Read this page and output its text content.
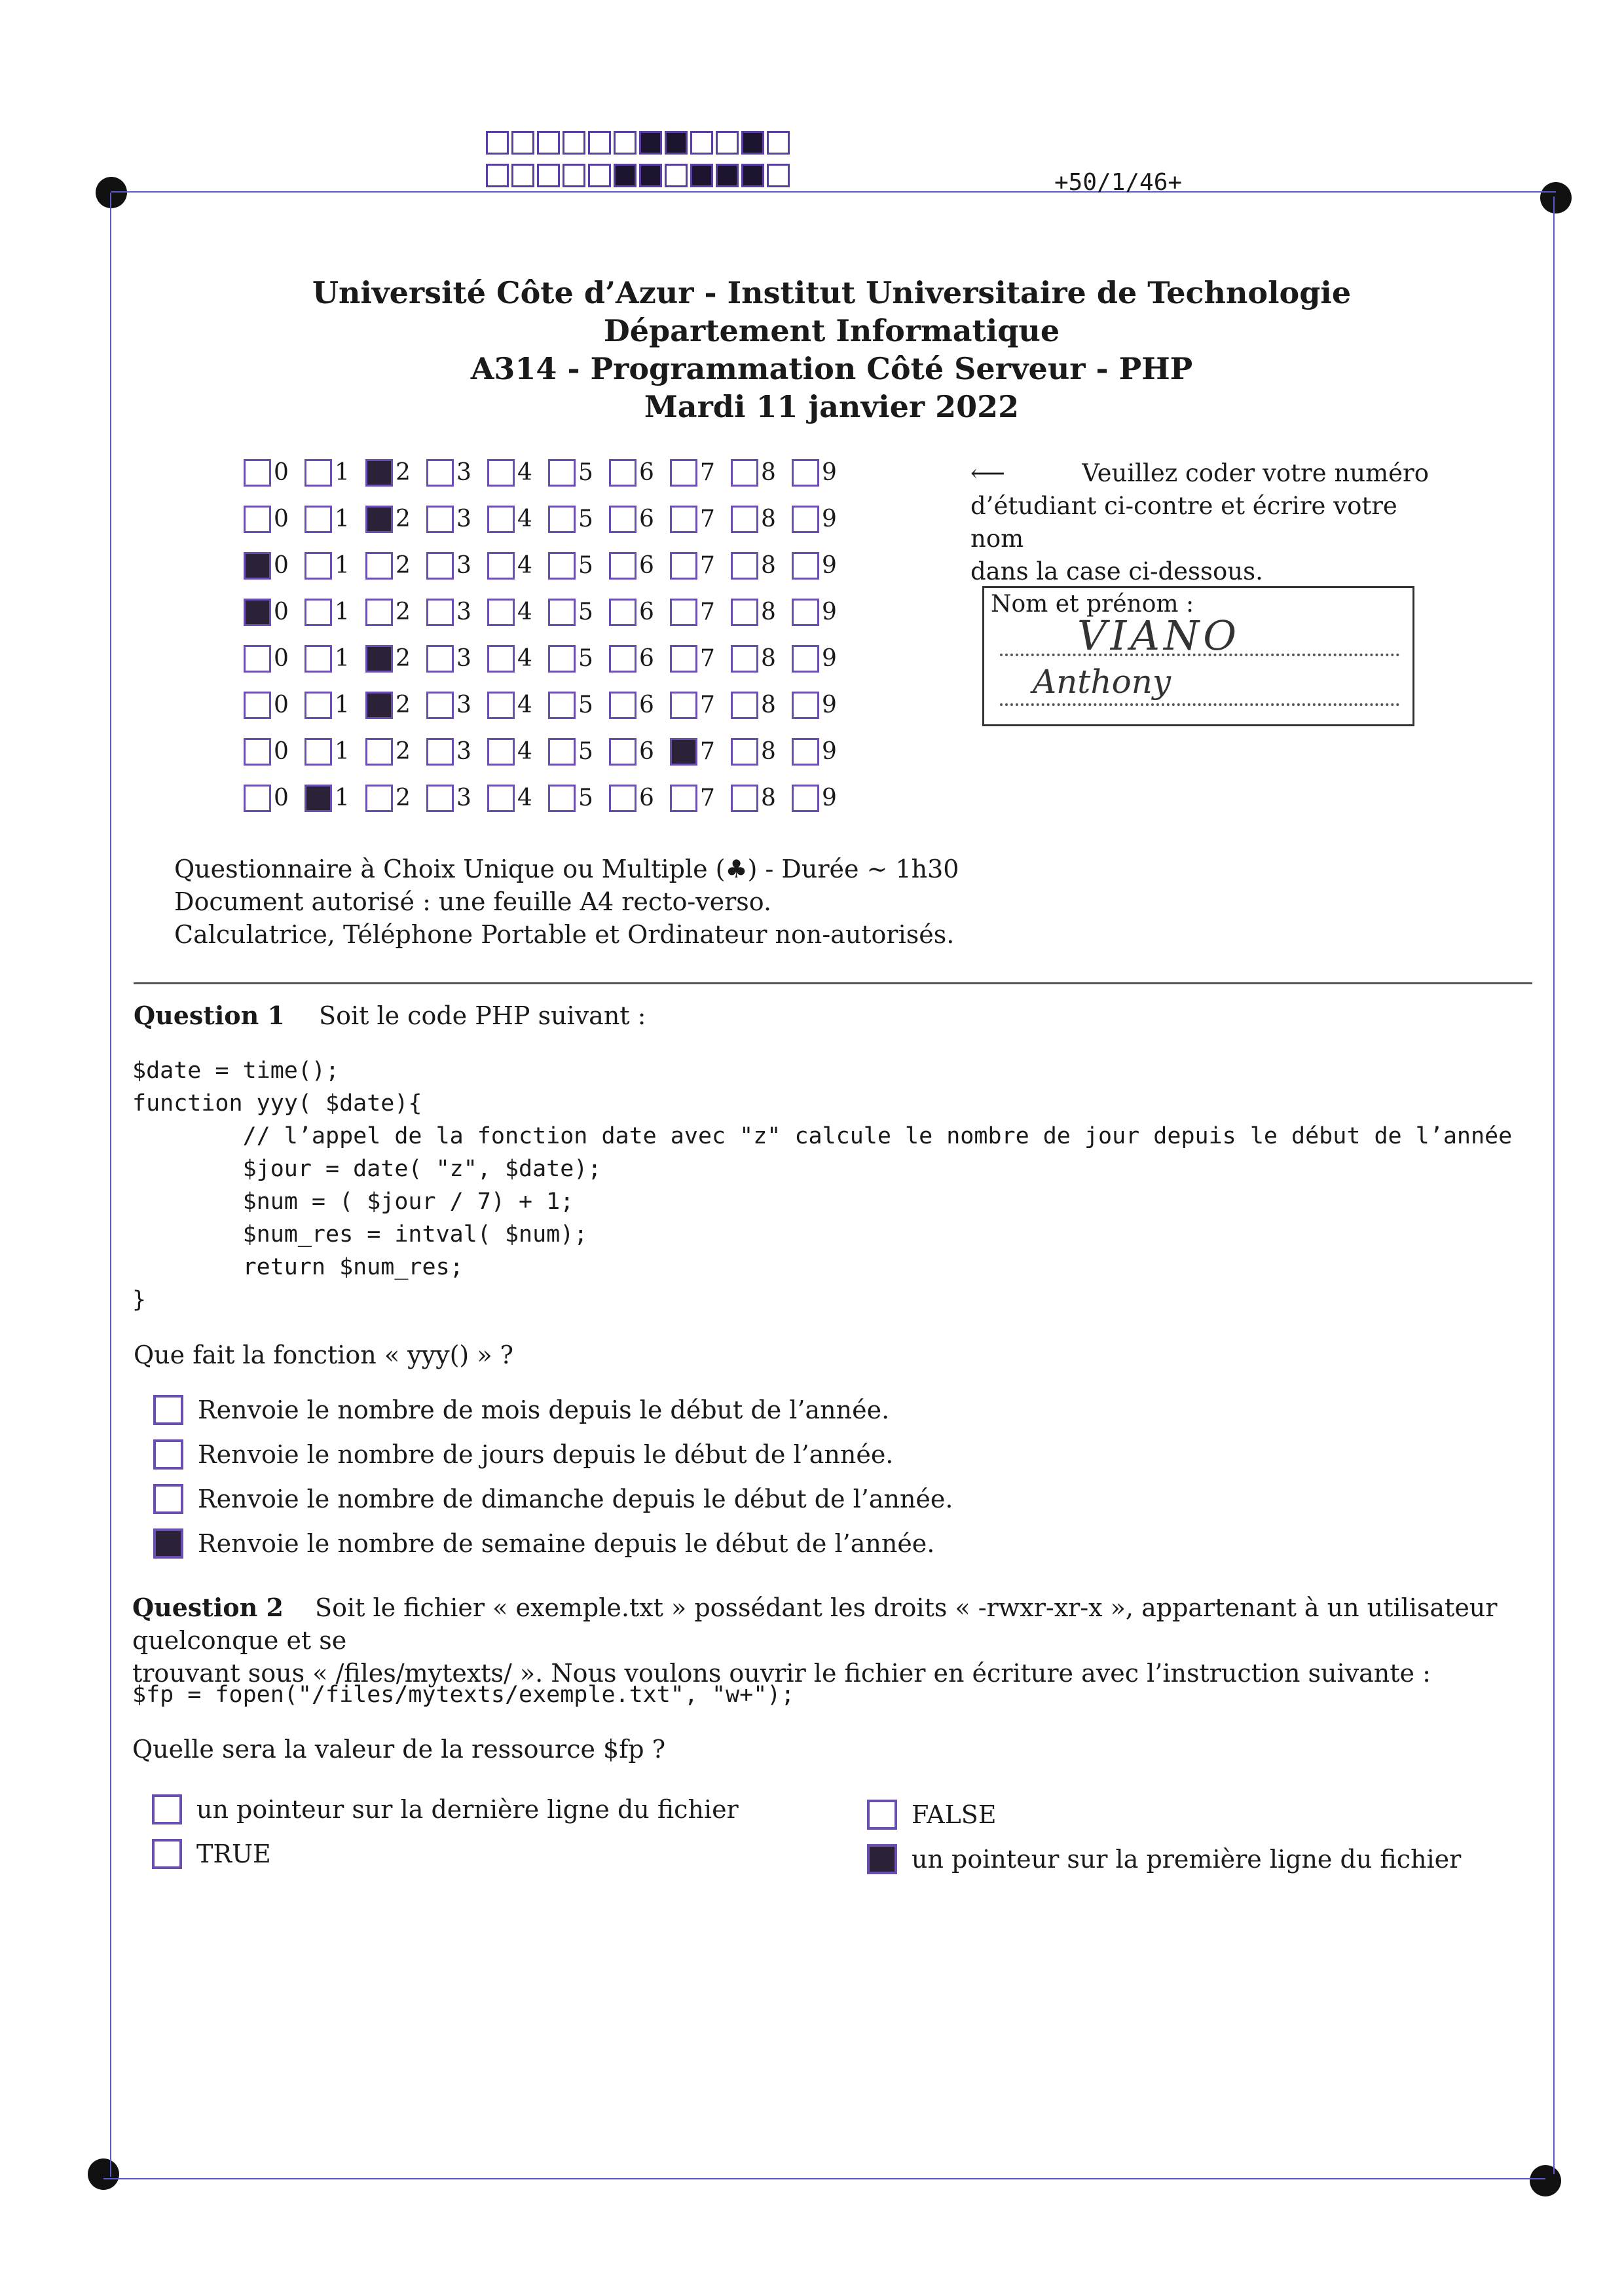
+50/1/46+
Université Côte d’Azur - Institut Universitaire de Technologie
Département Informatique
A314 - Programmation Côté Serveur - PHP
Mardi 11 janvier 2022
0 1 2 3 4 5 6 7 8 9
0 1 2 3 4 5 6 7 8 9
0 1 2 3 4 5 6 7 8 9
0 1 2 3 4 5 6 7 8 9
0 1 2 3 4 5 6 7 8 9
0 1 2 3 4 5 6 7 8 9
0 1 2 3 4 5 6 7 8 9
0 1 2 3 4 5 6 7 8 9
⟵	Veuillez coder votre numéro
d’étudiant ci-contre et écrire votre nom
dans la case ci-dessous.
Nom et prénom :
VIANO
Anthony
Questionnaire à Choix Unique ou Multiple (♣) - Durée ∼ 1h30
Document autorisé : une feuille A4 recto-verso.
Calculatrice, Téléphone Portable et Ordinateur non-autorisés.
Question 1 Soit le code PHP suivant :
$date = time();
function yyy( $date){
// l’appel de la fonction date avec "z" calcule le nombre de jour depuis le début de l’année
$jour = date( "z", $date);
$num = ( $jour / 7) + 1;
$num_res = intval( $num);
return $num_res;
}
Que fait la fonction « yyy() » ?
Renvoie le nombre de mois depuis le début de l’année.
Renvoie le nombre de jours depuis le début de l’année.
Renvoie le nombre de dimanche depuis le début de l’année.
Renvoie le nombre de semaine depuis le début de l’année.
Question 2 Soit le fichier « exemple.txt » possédant les droits « -rwxr-xr-x », appartenant à un utilisateur quelconque et se
trouvant sous « /files/mytexts/ ». Nous voulons ouvrir le fichier en écriture avec l’instruction suivante :
$fp = fopen("/files/mytexts/exemple.txt", "w+");
Quelle sera la valeur de la ressource $fp ?
un pointeur sur la dernière ligne du fichier
TRUE
FALSE
un pointeur sur la première ligne du fichier
